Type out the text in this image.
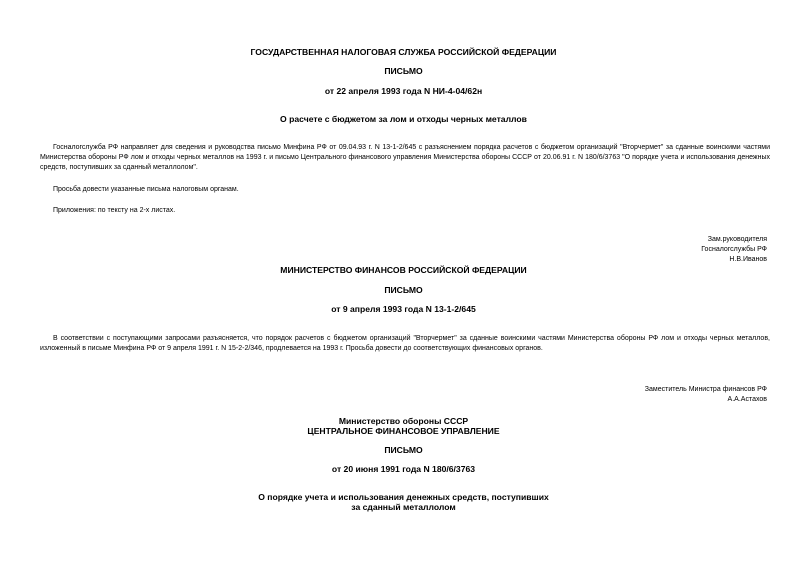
ГОСУДАРСТВЕННАЯ НАЛОГОВАЯ СЛУЖБА РОССИЙСКОЙ ФЕДЕРАЦИИ
ПИСЬМО
от 22 апреля 1993 года N НИ-4-04/62н
О расчете с бюджетом за лом и отходы черных металлов
Госналогслужба РФ направляет для сведения и руководства письмо Минфина РФ от 09.04.93 г. N 13-1-2/645 с разъяснением порядка расчетов с бюджетом организаций "Вторчермет" за сданные воинскими частями Министерства обороны РФ лом и отходы черных металлов на 1993 г. и письмо Центрального финансового управления Министерства обороны СССР от 20.06.91 г. N 180/6/3763 "О порядке учета и использования денежных средств, поступивших за сданный металлолом".
Просьба довести указанные письма налоговым органам.
Приложения: по тексту на 2-х листах.
Зам.руководителя
Госналогслужбы РФ
Н.В.Иванов
МИНИСТЕРСТВО ФИНАНСОВ РОССИЙСКОЙ ФЕДЕРАЦИИ
ПИСЬМО
от 9 апреля 1993 года N 13-1-2/645
В соответствии с поступающими запросами разъясняется, что порядок расчетов с бюджетом организаций "Вторчермет" за сданные воинскими частями Министерства обороны РФ лом и отходы черных металлов, изложенный в письме Минфина РФ от 9 апреля 1991 г. N 15-2-2/346, продлевается на 1993 г. Просьба довести до соответствующих финансовых органов.
Заместитель Министра финансов РФ
А.А.Астахов
Министерство обороны СССР
ЦЕНТРАЛЬНОЕ ФИНАНСОВОЕ УПРАВЛЕНИЕ
ПИСЬМО
от 20 июня 1991 года N 180/6/3763
О порядке учета и использования денежных средств, поступивших
за сданный металлолом
